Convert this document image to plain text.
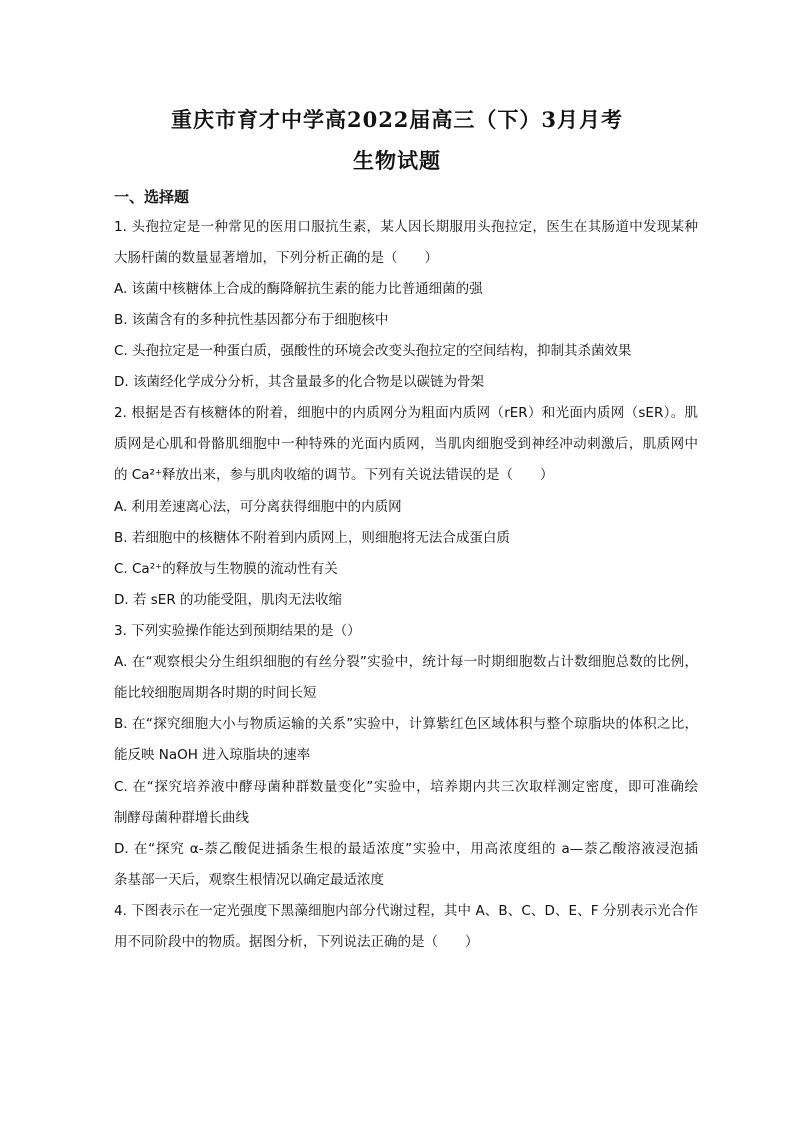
重庆市育才中学高2022届高三（下）3月月考
生物试题
一、选择题
1. 头孢拉定是一种常见的医用口服抗生素，某人因长期服用头孢拉定，医生在其肠道中发现某种
大肠杆菌的数量显著增加，下列分析正确的是（　　）
A. 该菌中核糖体上合成的酶降解抗生素的能力比普通细菌的强
B. 该菌含有的多种抗性基因都分布于细胞核中
C. 头孢拉定是一种蛋白质，强酸性的环境会改变头孢拉定的空间结构，抑制其杀菌效果
D. 该菌经化学成分分析，其含量最多的化合物是以碳链为骨架
2. 根据是否有核糖体的附着，细胞中的内质网分为粗面内质网（rER）和光面内质网（sER）。肌
质网是心肌和骨骼肌细胞中一种特殊的光面内质网，当肌肉细胞受到神经冲动刺激后，肌质网中
的 Ca²⁺释放出来，参与肌肉收缩的调节。下列有关说法错误的是（　　）
A. 利用差速离心法，可分离获得细胞中的内质网
B. 若细胞中的核糖体不附着到内质网上，则细胞将无法合成蛋白质
C. Ca²⁺的释放与生物膜的流动性有关
D. 若 sER 的功能受阻，肌肉无法收缩
3. 下列实验操作能达到预期结果的是（）
A. 在“观察根尖分生组织细胞的有丝分裂”实验中，统计每一时期细胞数占计数细胞总数的比例，
能比较细胞周期各时期的时间长短
B. 在“探究细胞大小与物质运输的关系”实验中，计算紫红色区域体积与整个琼脂块的体积之比，
能反映 NaOH 进入琼脂块的速率
C. 在“探究培养液中酵母菌种群数量变化”实验中，培养期内共三次取样测定密度，即可准确绘
制酵母菌种群增长曲线
D. 在“探究 α-萘乙酸促进插条生根的最适浓度”实验中，用高浓度组的 a—萘乙酸溶液浸泡插
条基部一天后，观察生根情况以确定最适浓度
4. 下图表示在一定光强度下黑藻细胞内部分代谢过程，其中 A、B、C、D、E、F 分别表示光合作
用不同阶段中的物质。据图分析，下列说法正确的是（　　）
